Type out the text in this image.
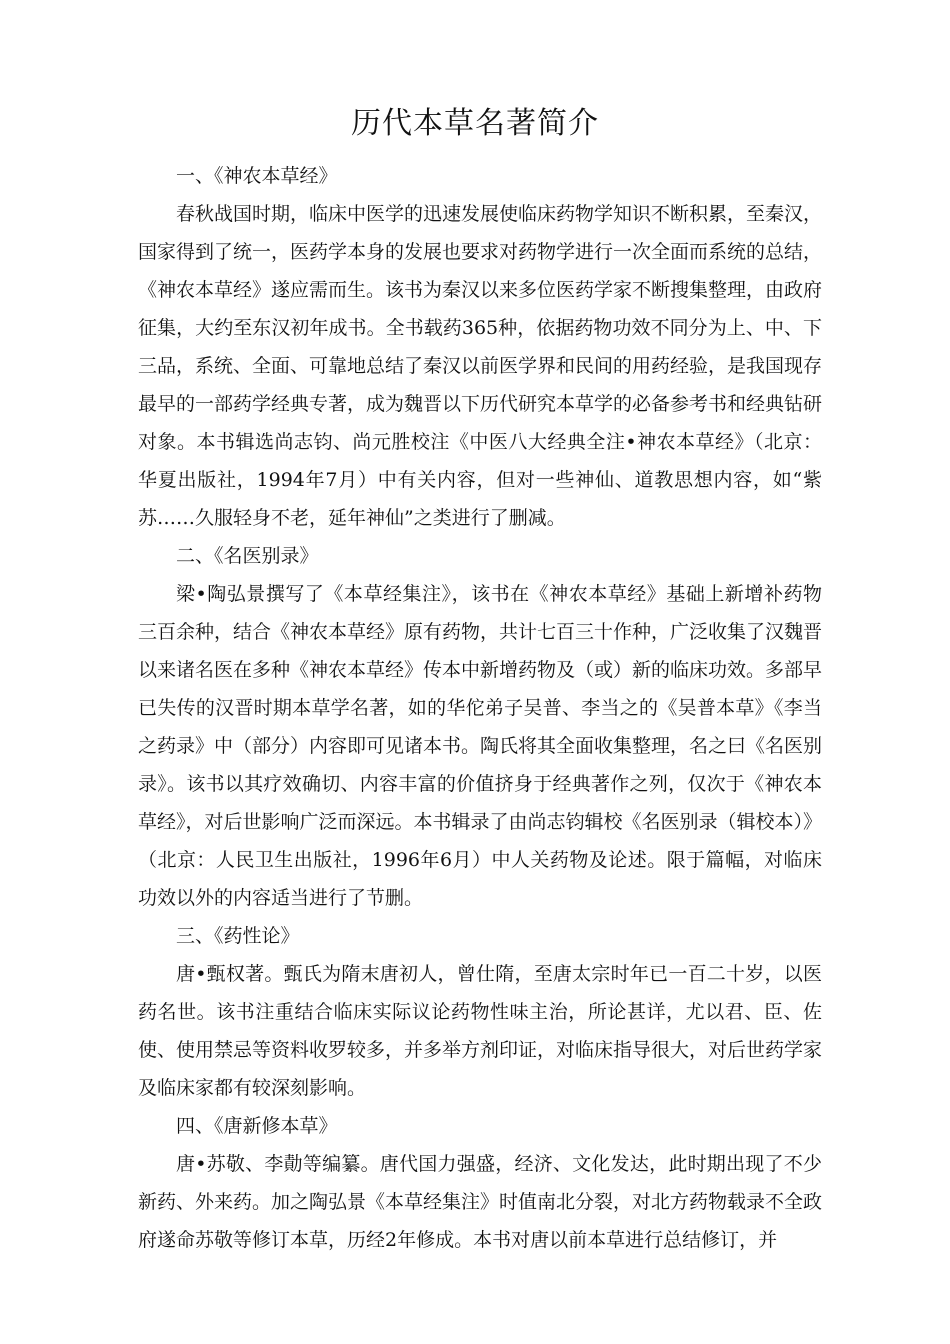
历代本草名著简介

一、《神农本草经》

春秋战国时期，临床中医学的迅速发展使临床药物学知识不断积累，至秦汉，国家得到了统一，医药学本身的发展也要求对药物学进行一次全面而系统的总结，《神农本草经》遂应需而生。该书为秦汉以来多位医药学家不断搜集整理，由政府征集，大约至东汉初年成书。全书载药365种，依据药物功效不同分为上、中、下三品，系统、全面、可靠地总结了秦汉以前医学界和民间的用药经验，是我国现存最早的一部药学经典专著，成为魏晋以下历代研究本草学的必备参考书和经典钻研对象。本书辑选尚志钧、尚元胜校注《中医八大经典全注•神农本草经》（北京：华夏出版社，1994年7月）中有关内容，但对一些神仙、道教思想内容，如“紫苏……久服轻身不老，延年神仙”之类进行了删减。

二、《名医别录》

梁•陶弘景撰写了《本草经集注》，该书在《神农本草经》基础上新增补药物三百余种，结合《神农本草经》原有药物，共计七百三十作种，广泛收集了汉魏晋以来诸名医在多种《神农本草经》传本中新增药物及（或）新的临床功效。多部早已失传的汉晋时期本草学名著，如的华佗弟子吴普、李当之的《吴普本草》《李当之药录》中（部分）内容即可见诸本书。陶氏将其全面收集整理，名之曰《名医别录》。该书以其疗效确切、内容丰富的价值挤身于经典著作之列，仅次于《神农本草经》，对后世影响广泛而深远。本书辑录了由尚志钧辑校《名医别录（辑校本）》（北京：人民卫生出版社，1996年6月）中人关药物及论述。限于篇幅，对临床功效以外的内容适当进行了节删。

三、《药性论》

唐•甄权著。甄氏为隋末唐初人，曾仕隋，至唐太宗时年已一百二十岁，以医药名世。该书注重结合临床实际议论药物性味主治，所论甚详，尤以君、臣、佐使、使用禁忌等资料收罗较多，并多举方剂印证，对临床指导很大，对后世药学家及临床家都有较深刻影响。

四、《唐新修本草》

唐•苏敬、李勣等编纂。唐代国力强盛，经济、文化发达，此时期出现了不少新药、外来药。加之陶弘景《本草经集注》时值南北分裂，对北方药物载录不全政府遂命苏敬等修订本草，历经2年修成。本书对唐以前本草进行总结修订，并
